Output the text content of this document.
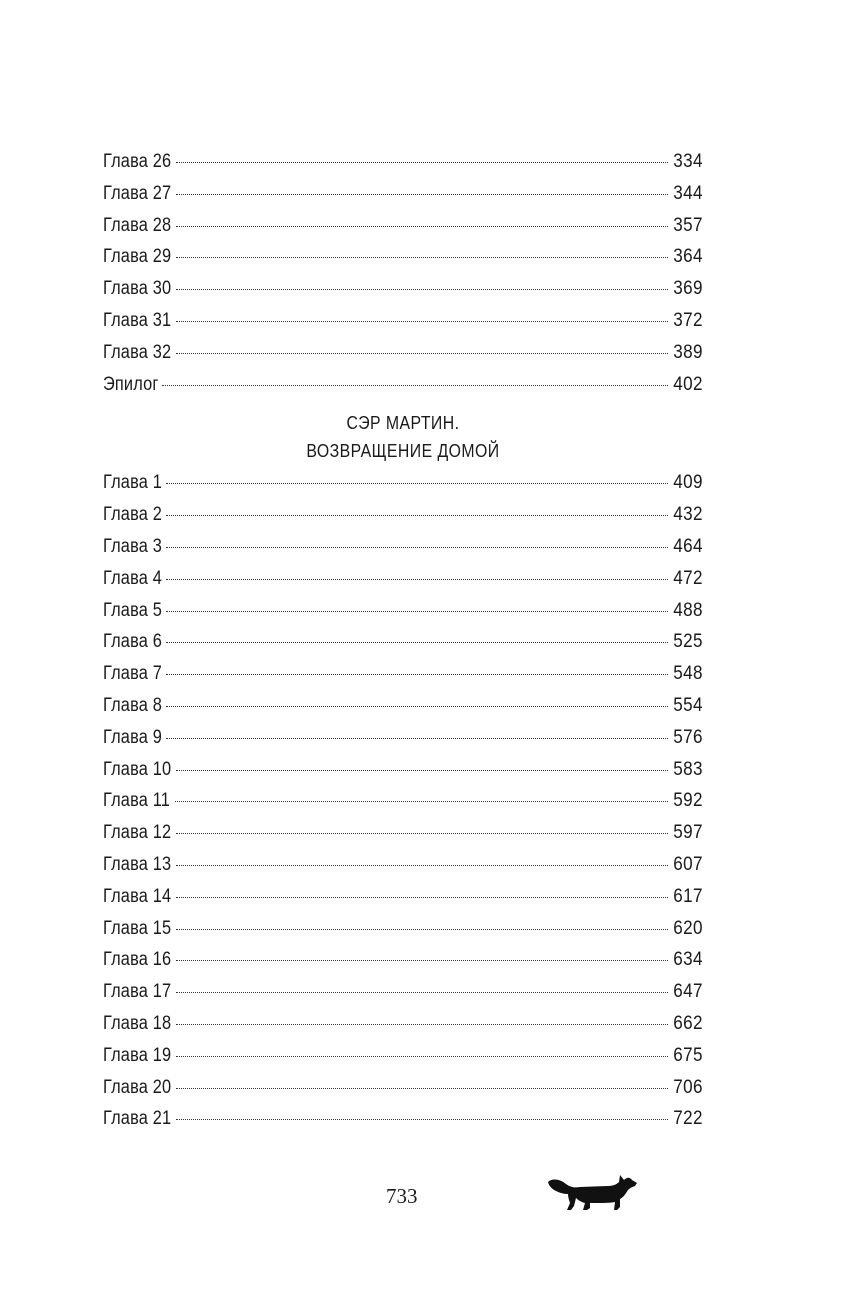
Глава 26	334
Глава 27	344
Глава 28	357
Глава 29	364
Глава 30	369
Глава 31	372
Глава 32	389
Эпилог	402
СЭР МАРТИН.
ВОЗВРАЩЕНИЕ ДОМОЙ
Глава 1	409
Глава 2	432
Глава 3	464
Глава 4	472
Глава 5	488
Глава 6	525
Глава 7	548
Глава 8	554
Глава 9	576
Глава 10	583
Глава 11	592
Глава 12	597
Глава 13	607
Глава 14	617
Глава 15	620
Глава 16	634
Глава 17	647
Глава 18	662
Глава 19	675
Глава 20	706
Глава 21	722
733
